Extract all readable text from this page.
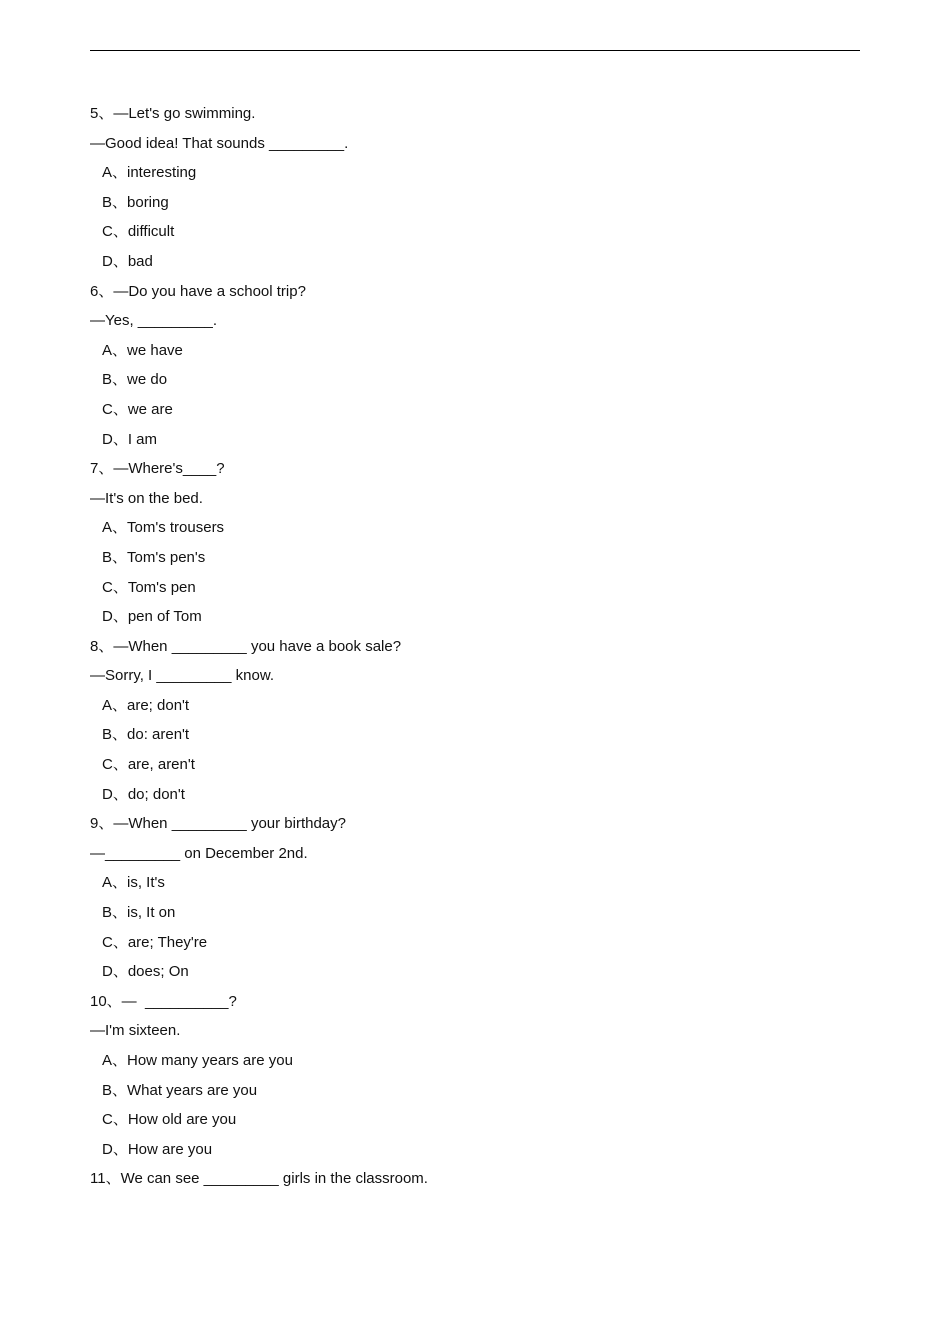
5、—Let's go swimming.
—Good idea! That sounds _________.
A、interesting
B、boring
C、difficult
D、bad
6、—Do you have a school trip?
—Yes, _________.
A、we have
B、we do
C、we are
D、I am
7、—Where's____?
—It's on the bed.
A、Tom's trousers
B、Tom's pen's
C、Tom's pen
D、pen of Tom
8、—When _________ you have a book sale?
—Sorry, I _________ know.
A、are; don't
B、do: aren't
C、are, aren't
D、do; don't
9、—When _________ your birthday?
—_________ on December 2nd.
A、is, It's
B、is, It on
C、are; They're
D、does; On
10、—  __________?
—I'm sixteen.
A、How many years are you
B、What years are you
C、How old are you
D、How are you
11、We can see _________ girls in the classroom.
